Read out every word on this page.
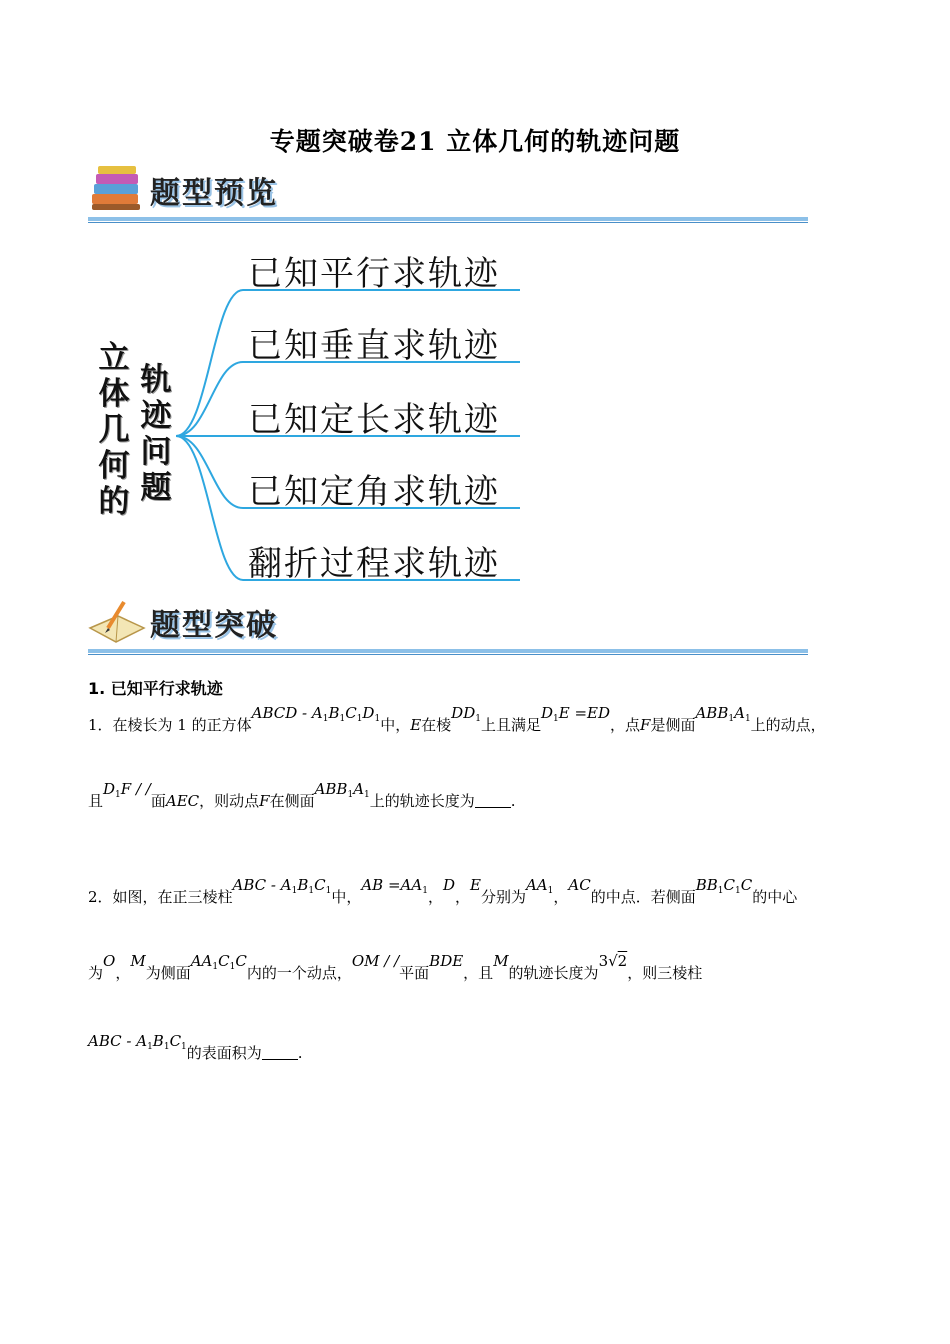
专题突破卷21 立体几何的轨迹问题
题型预览
立
体
几
何
的
轨
迹
问
题
已知平行求轨迹
已知垂直求轨迹
已知定长求轨迹
已知定角求轨迹
翻折过程求轨迹
题型突破
1. 已知平行求轨迹
1．在棱长为 1 的正方体ABCD - $A_1B_1C_1D_1$中，E在棱$DD_1$上且满足$D_1E =ED$，点F是侧面$ABB_1A_1$上的动点，
且$D_1F$ / /面AEC，则动点F在侧面$ABB_1A_1$上的轨迹长度为 .
2．如图，在正三棱柱ABC - $A_1B_1C_1$中，AB $=AA_1$，D，E分别为$AA_1$，AC的中点．若侧面$BB_1C_1C$的中心
为O，M为侧面$AA_1C_1C$内的一个动点，OM / /平面BDE，且M的轨迹长度为3√2，则三棱柱
ABC - $A_1B_1C_1$的表面积为 .
